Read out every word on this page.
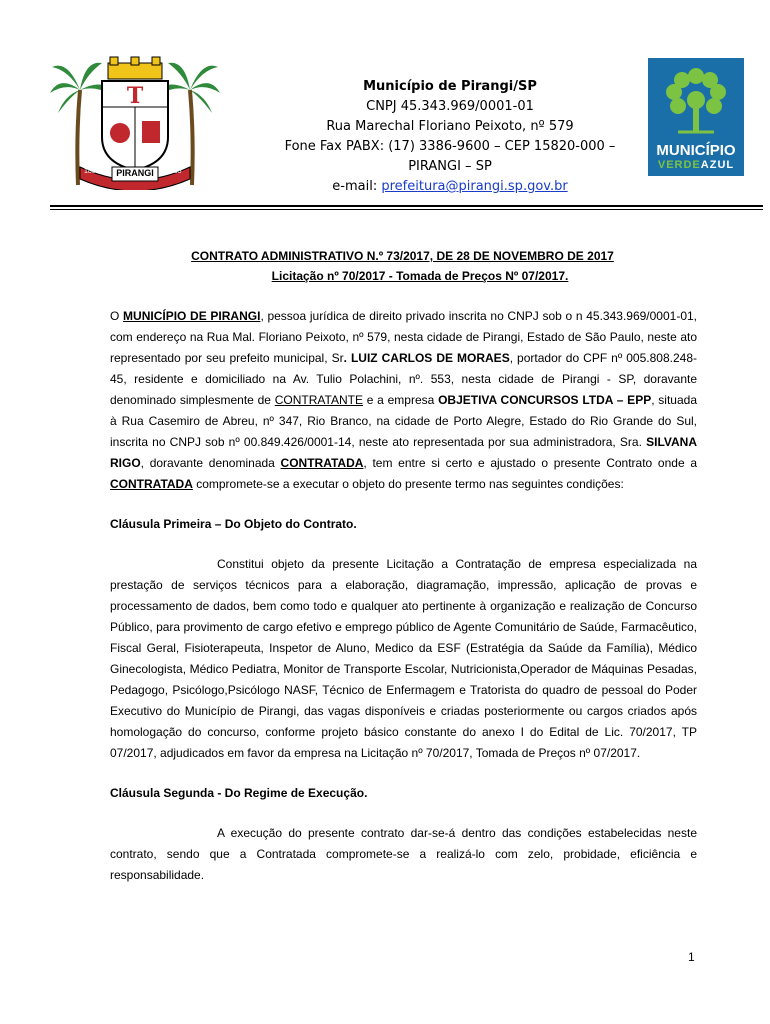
T
PIRANGI
1895	1935
Município de Pirangi/SP
CNPJ 45.343.969/0001-01
Rua Marechal Floriano Peixoto, nº 579
Fone Fax PABX: (17) 3386-9600 – CEP 15820-000 –
PIRANGI – SP
e-mail: prefeitura@pirangi.sp.gov.br
MUNICÍPIO
VERDEAZUL
CONTRATO ADMINISTRATIVO N.º 73/2017, DE 28 DE NOVEMBRO DE 2017
Licitação nº 70/2017 - Tomada de Preços Nº 07/2017.

O MUNICÍPIO DE PIRANGI, pessoa jurídica de direito privado inscrita no CNPJ sob o n 45.343.969/0001-01, com endereço na Rua Mal. Floriano Peixoto, nº 579, nesta cidade de Pirangi, Estado de São Paulo, neste ato representado por seu prefeito municipal, Sr. LUIZ CARLOS DE MORAES, portador do CPF nº 005.808.248-45, residente e domiciliado na Av. Tulio Polachini, nº. 553, nesta cidade de Pirangi - SP, doravante denominado simplesmente de CONTRATANTE e a empresa OBJETIVA CONCURSOS LTDA – EPP, situada à Rua Casemiro de Abreu, nº 347, Rio Branco, na cidade de Porto Alegre, Estado do Rio Grande do Sul, inscrita no CNPJ sob nº 00.849.426/0001-14, neste ato representada por sua administradora, Sra. SILVANA RIGO, doravante denominada CONTRATADA, tem entre si certo e ajustado o presente Contrato onde a CONTRATADA compromete-se a executar o objeto do presente termo nas seguintes condições:

Cláusula Primeira – Do Objeto do Contrato.

Constitui objeto da presente Licitação a Contratação de empresa especializada na prestação de serviços técnicos para a elaboração, diagramação, impressão, aplicação de provas e processamento de dados, bem como todo e qualquer ato pertinente à organização e realização de Concurso Público, para provimento de cargo efetivo e emprego público de Agente Comunitário de Saúde, Farmacêutico, Fiscal Geral, Fisioterapeuta, Inspetor de Aluno, Medico da ESF (Estratégia da Saúde da Família), Médico Ginecologista, Médico Pediatra, Monitor de Transporte Escolar, Nutricionista,Operador de Máquinas Pesadas, Pedagogo, Psicólogo,Psicólogo NASF, Técnico de Enfermagem e Tratorista do quadro de pessoal do Poder Executivo do Município de Pirangi, das vagas disponíveis e criadas posteriormente ou cargos criados após homologação do concurso, conforme projeto básico constante do anexo I do Edital de Lic. 70/2017, TP 07/2017, adjudicados em favor da empresa na Licitação nº 70/2017, Tomada de Preços nº 07/2017.

Cláusula Segunda - Do Regime de Execução.

A execução do presente contrato dar-se-á dentro das condições estabelecidas neste contrato, sendo que a Contratada compromete-se a realizá-lo com zelo, probidade, eficiência e responsabilidade.

1
